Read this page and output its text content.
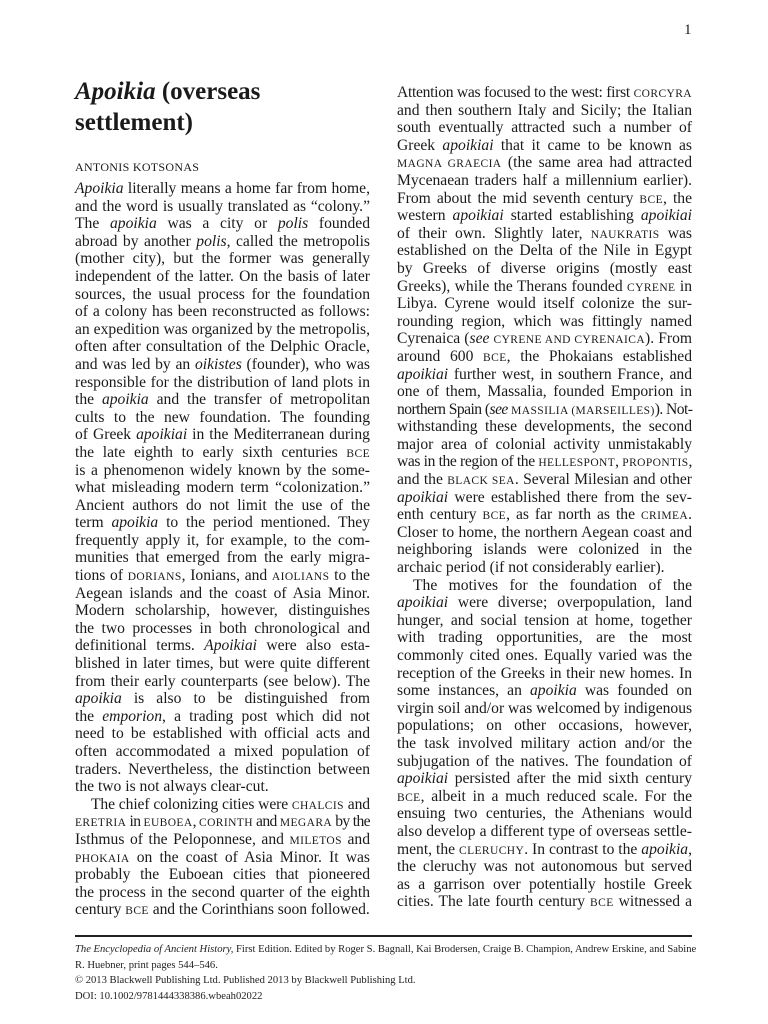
1
Apoikia (overseas settlement)
ANTONIS KOTSONAS
Apoikia literally means a home far from home,
and the word is usually translated as “colony.”
The apoikia was a city or polis founded
abroad by another polis, called the metropolis
(mother city), but the former was generally
independent of the latter. On the basis of later
sources, the usual process for the foundation
of a colony has been reconstructed as follows:
an expedition was organized by the metropolis,
often after consultation of the Delphic Oracle,
and was led by an oikistes (founder), who was
responsible for the distribution of land plots in
the apoikia and the transfer of metropolitan
cults to the new foundation. The founding
of Greek apoikiai in the Mediterranean during
the late eighth to early sixth centuries BCE
is a phenomenon widely known by the some-
what misleading modern term “colonization.”
Ancient authors do not limit the use of the
term apoikia to the period mentioned. They
frequently apply it, for example, to the com-
munities that emerged from the early migra-
tions of DORIANS, Ionians, and AIOLIANS to the
Aegean islands and the coast of Asia Minor.
Modern scholarship, however, distinguishes
the two processes in both chronological and
definitional terms. Apoikiai were also esta-
blished in later times, but were quite different
from their early counterparts (see below). The
apoikia is also to be distinguished from
the emporion, a trading post which did not
need to be established with official acts and
often accommodated a mixed population of
traders. Nevertheless, the distinction between
the two is not always clear-cut.
The chief colonizing cities were CHALCIS and
ERETRIA in EUBOEA, CORINTH and MEGARA by the
Isthmus of the Peloponnese, and MILETOS and
PHOKAIA on the coast of Asia Minor. It was
probably the Euboean cities that pioneered
the process in the second quarter of the eighth
century BCE and the Corinthians soon followed.
Attention was focused to the west: first CORCYRA
and then southern Italy and Sicily; the Italian
south eventually attracted such a number of
Greek apoikiai that it came to be known as
MAGNA GRAECIA (the same area had attracted
Mycenaean traders half a millennium earlier).
From about the mid seventh century BCE, the
western apoikiai started establishing apoikiai
of their own. Slightly later, NAUKRATIS was
established on the Delta of the Nile in Egypt
by Greeks of diverse origins (mostly east
Greeks), while the Therans founded CYRENE in
Libya. Cyrene would itself colonize the sur-
rounding region, which was fittingly named
Cyrenaica (see CYRENE AND CYRENAICA). From
around 600 BCE, the Phokaians established
apoikiai further west, in southern France, and
one of them, Massalia, founded Emporion in
northern Spain (see MASSILIA (MARSEILLES)). Not-
withstanding these developments, the second
major area of colonial activity unmistakably
was in the region of the HELLESPONT, PROPONTIS,
and the BLACK SEA. Several Milesian and other
apoikiai were established there from the sev-
enth century BCE, as far north as the CRIMEA.
Closer to home, the northern Aegean coast and
neighboring islands were colonized in the
archaic period (if not considerably earlier).
The motives for the foundation of the
apoikiai were diverse; overpopulation, land
hunger, and social tension at home, together
with trading opportunities, are the most
commonly cited ones. Equally varied was the
reception of the Greeks in their new homes. In
some instances, an apoikia was founded on
virgin soil and/or was welcomed by indigenous
populations; on other occasions, however,
the task involved military action and/or the
subjugation of the natives. The foundation of
apoikiai persisted after the mid sixth century
BCE, albeit in a much reduced scale. For the
ensuing two centuries, the Athenians would
also develop a different type of overseas settle-
ment, the CLERUCHY. In contrast to the apoikia,
the cleruchy was not autonomous but served
as a garrison over potentially hostile Greek
cities. The late fourth century BCE witnessed a
The Encyclopedia of Ancient History, First Edition. Edited by Roger S. Bagnall, Kai Brodersen, Craige B. Champion, Andrew Erskine, and Sabine R. Huebner, print pages 544–546.
© 2013 Blackwell Publishing Ltd. Published 2013 by Blackwell Publishing Ltd.
DOI: 10.1002/9781444338386.wbeah02022
